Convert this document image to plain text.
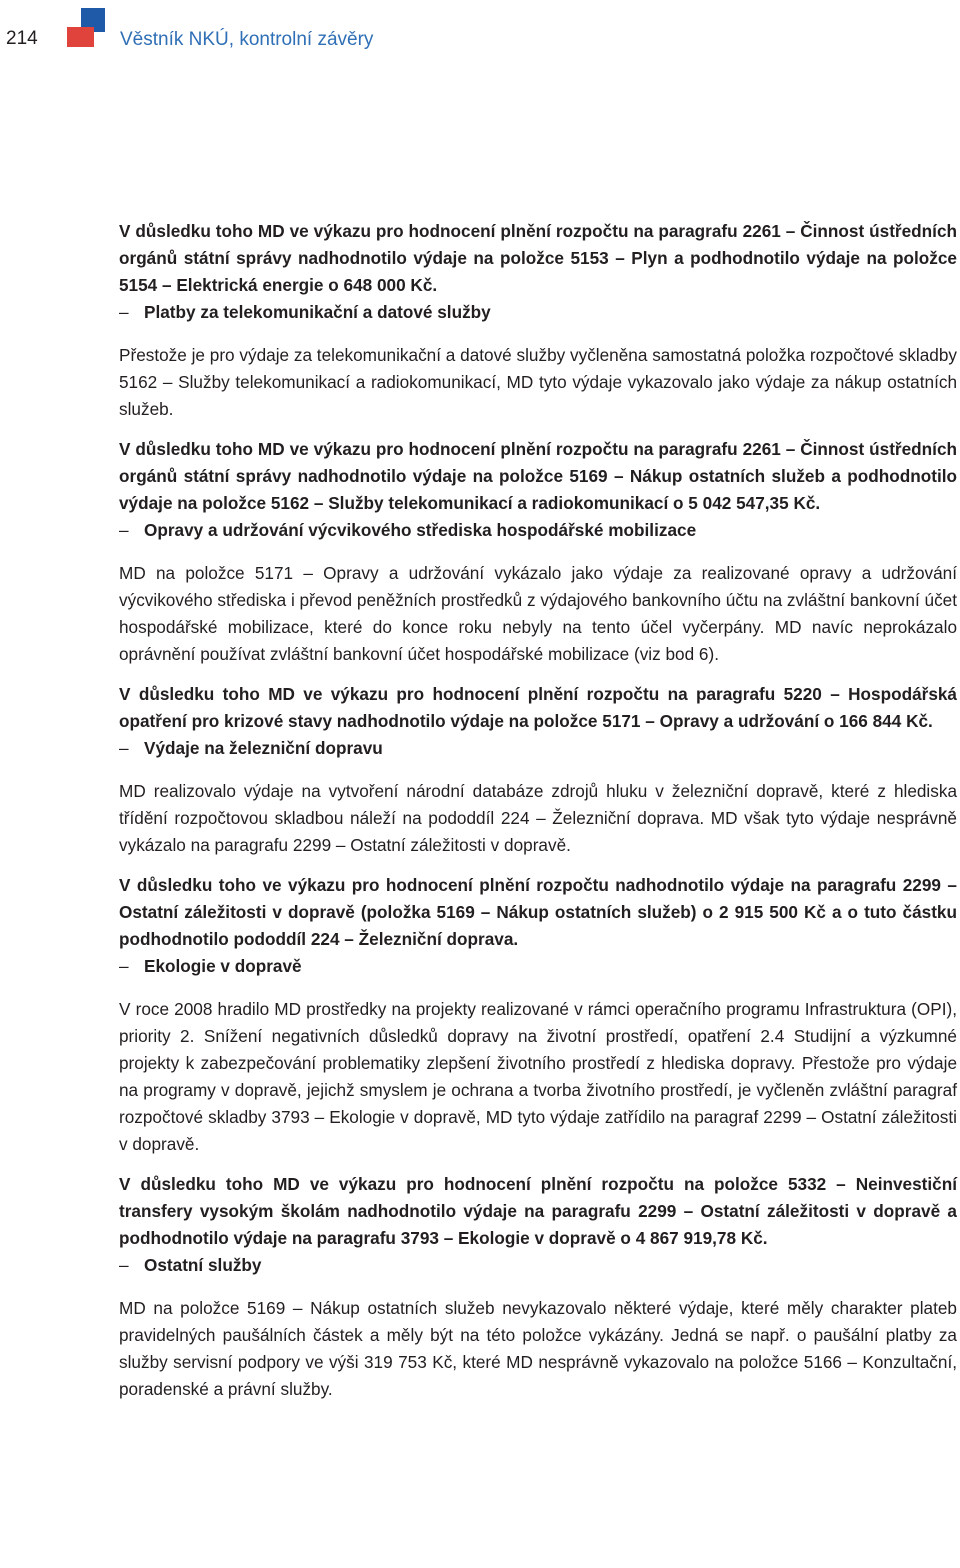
214	Věstník NKÚ, kontrolní závěry

V důsledku toho MD ve výkazu pro hodnocení plnění rozpočtu na paragrafu 2261 – Činnost ústředních orgánů státní správy nadhodnotilo výdaje na položce 5153 – Plyn a podhodnotilo výdaje na položce 5154 – Elektrická energie o 648 000 Kč.

– Platby za telekomunikační a datové služby

Přestože je pro výdaje za telekomunikační a datové služby vyčleněna samostatná položka rozpočtové skladby 5162 – Služby telekomunikací a radiokomunikací, MD tyto výdaje vykazovalo jako výdaje za nákup ostatních služeb.

V důsledku toho MD ve výkazu pro hodnocení plnění rozpočtu na paragrafu 2261 – Činnost ústředních orgánů státní správy nadhodnotilo výdaje na položce 5169 – Nákup ostatních služeb a podhodnotilo výdaje na položce 5162 – Služby telekomunikací a radiokomunikací o 5 042 547,35 Kč.

– Opravy a udržování výcvikového střediska hospodářské mobilizace

MD na položce 5171 – Opravy a udržování vykázalo jako výdaje za realizované opravy a udržování výcvikového střediska i převod peněžních prostředků z výdajového bankovního účtu na zvláštní bankovní účet hospodářské mobilizace, které do konce roku nebyly na tento účel vyčerpány. MD navíc neprokázalo oprávnění používat zvláštní bankovní účet hospodářské mobilizace (viz bod 6).

V důsledku toho MD ve výkazu pro hodnocení plnění rozpočtu na paragrafu 5220 – Hospodářská opatření pro krizové stavy nadhodnotilo výdaje na položce 5171 – Opravy a udržování o 166 844 Kč.

– Výdaje na železniční dopravu

MD realizovalo výdaje na vytvoření národní databáze zdrojů hluku v železniční dopravě, které z hlediska třídění rozpočtovou skladbou náleží na pododdíl 224 – Železniční doprava. MD však tyto výdaje nesprávně vykázalo na paragrafu 2299 – Ostatní záležitosti v dopravě.

V důsledku toho ve výkazu pro hodnocení plnění rozpočtu nadhodnotilo výdaje na paragrafu 2299 – Ostatní záležitosti v dopravě (položka 5169 – Nákup ostatních služeb) o 2 915 500 Kč a o tuto částku podhodnotilo pododdíl 224 – Železniční doprava.

– Ekologie v dopravě

V roce 2008 hradilo MD prostředky na projekty realizované v rámci operačního programu Infrastruktura (OPI), priority 2. Snížení negativních důsledků dopravy na životní prostředí, opatření 2.4 Studijní a výzkumné projekty k zabezpečování problematiky zlepšení životního prostředí z hlediska dopravy. Přestože pro výdaje na programy v dopravě, jejichž smyslem je ochrana a tvorba životního prostředí, je vyčleněn zvláštní paragraf rozpočtové skladby 3793 – Ekologie v dopravě, MD tyto výdaje zatřídilo na paragraf 2299 – Ostatní záležitosti v dopravě.

V důsledku toho MD ve výkazu pro hodnocení plnění rozpočtu na položce 5332 – Neinvestiční transfery vysokým školám nadhodnotilo výdaje na paragrafu 2299 – Ostatní záležitosti v dopravě a podhodnotilo výdaje na paragrafu 3793 – Ekologie v dopravě o 4 867 919,78 Kč.

– Ostatní služby

MD na položce 5169 – Nákup ostatních služeb nevykazovalo některé výdaje, které měly charakter plateb pravidelných paušálních částek a měly být na této položce vykázány. Jedná se např. o paušální platby za služby servisní podpory ve výši 319 753 Kč, které MD nesprávně vykazovalo na položce 5166 – Konzultační, poradenské a právní služby.
